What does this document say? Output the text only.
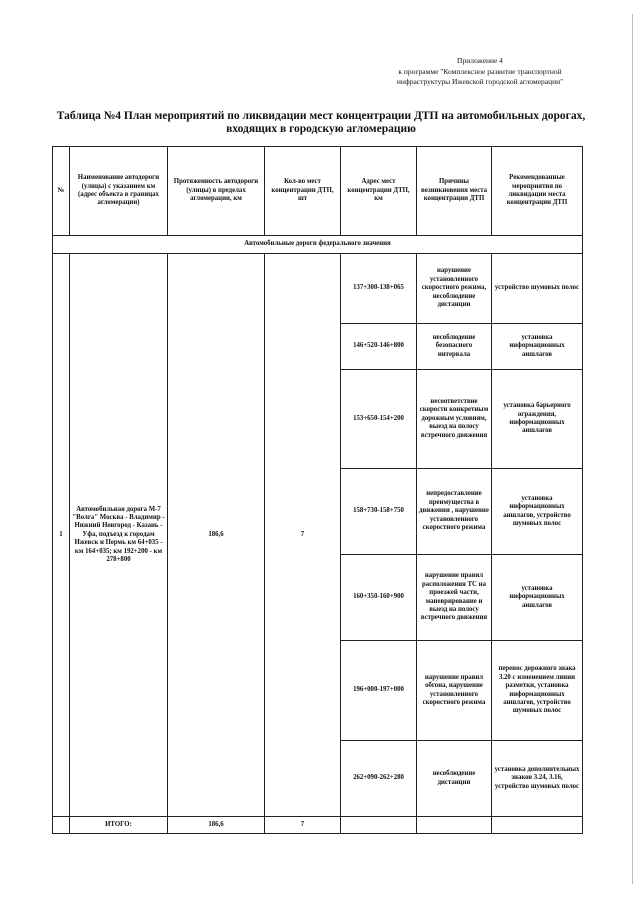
Приложение 4
к программе "Комплексное развитие транспортной
инфраструктуры Ижевской городской агломерации"
Таблица №4 План мероприятий по ликвидации мест концентрации ДТП на автомобильных дорогах,
входящих в городскую агломерацию
№	Наименование автодороги (улицы) с указанием км (адрес объекта в границах агломерации)	Протяженность автодороги (улицы) в пределах агломерации, км	Кол-во мест концентрации ДТП, шт	Адрес мест концентрации ДТП, км	Причины возникновения места концентрации ДТП	Рекомендованные мероприятия по ликвидации места концентрации ДТП
Автомобильные дороги федерального значения						
1	Автомобильная дорога М-7 "Волга" Москва - Владимир - Нижний Новгород - Казань - Уфа, подъезд к городам Ижевск и Пермь км 64+035 - км 164+035; км 192+200 - км 278+800	186,6	7	137+300-138+065	нарушение установленного скоростного режима, несоблюдение дистанции	устройство шумовых полос
				146+520-146+800	несоблюдение безопасного интервала	установка информационных аншлагов
				153+650-154+200	несоответствие скорости конкретным дорожным условиям, выезд на полосу встречного движения	установка барьерного ограждения, информационных аншлагов
				158+730-158+750	непредоставление преимущества в движении , нарушение установленного скоростного режима	установка информационных аншлагов, устройство шумовых полос
				160+350-160+900	нарушение правил расположения ТС на проезжей части, маневрирование и выезд на полосу встречного движения	установка информационных аншлагов
				196+000-197+000	нарушение правил обгона, нарушение установленного скоростного режима	перенос дорожного знака 3.20 с изменением линии разметки, установка информационных аншлагов, устройство шумовых полос
				262+090-262+280	несоблюдение дистанции	установка дополнительных знаков 3.24, 3.16, устройство шумовых полос
	ИТОГО:	186,6	7			
